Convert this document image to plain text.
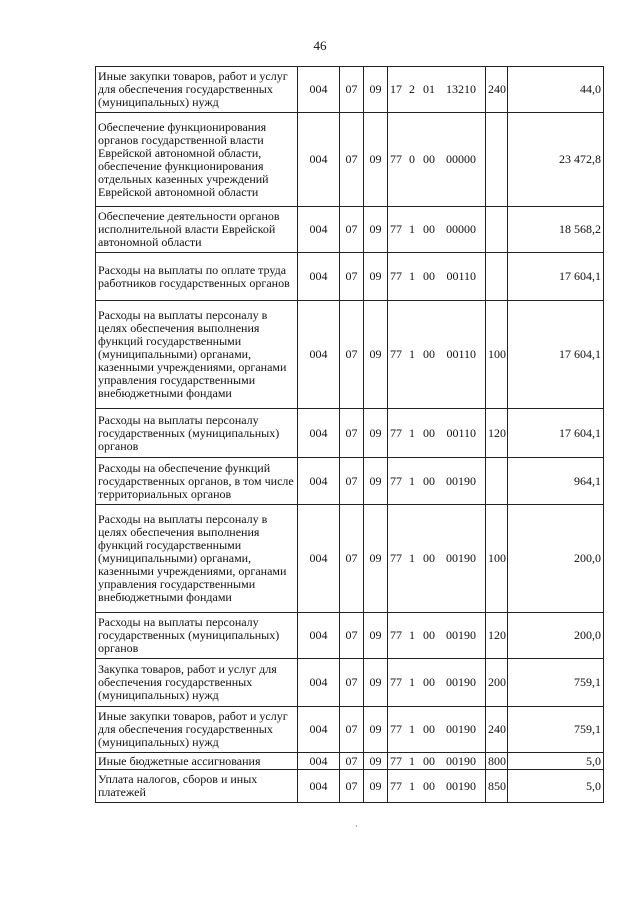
46
Иные закупки товаров, работ и услуг для обеспечения государственных (муниципальных) нужд	004	07	09	17 2 01 13210	240	44,0
Обеспечение функционирования органов государственной власти Еврейской автономной области, обеспечение функционирования отдельных казенных учреждений Еврейской автономной области	004	07	09	77 0 00 00000		23 472,8
Обеспечение деятельности органов исполнительной власти Еврейской автономной области	004	07	09	77 1 00 00000		18 568,2
Расходы на выплаты по оплате труда работников государственных органов	004	07	09	77 1 00 00110		17 604,1
Расходы на выплаты персоналу в целях обеспечения выполнения функций государственными (муниципальными) органами, казенными учреждениями, органами управления государственными внебюджетными фондами	004	07	09	77 1 00 00110	100	17 604,1
Расходы на выплаты персоналу государственных (муниципальных) органов	004	07	09	77 1 00 00110	120	17 604,1
Расходы на обеспечение функций государственных органов, в том числе территориальных органов	004	07	09	77 1 00 00190		964,1
Расходы на выплаты персоналу в целях обеспечения выполнения функций государственными (муниципальными) органами, казенными учреждениями, органами управления государственными внебюджетными фондами	004	07	09	77 1 00 00190	100	200,0
Расходы на выплаты персоналу государственных (муниципальных) органов	004	07	09	77 1 00 00190	120	200,0
Закупка товаров, работ и услуг для обеспечения государственных (муниципальных) нужд	004	07	09	77 1 00 00190	200	759,1
Иные закупки товаров, работ и услуг для обеспечения государственных (муниципальных) нужд	004	07	09	77 1 00 00190	240	759,1
Иные бюджетные ассигнования	004	07	09	77 1 00 00190	800	5,0
Уплата налогов, сборов и иных платежей	004	07	09	77 1 00 00190	850	5,0
·
